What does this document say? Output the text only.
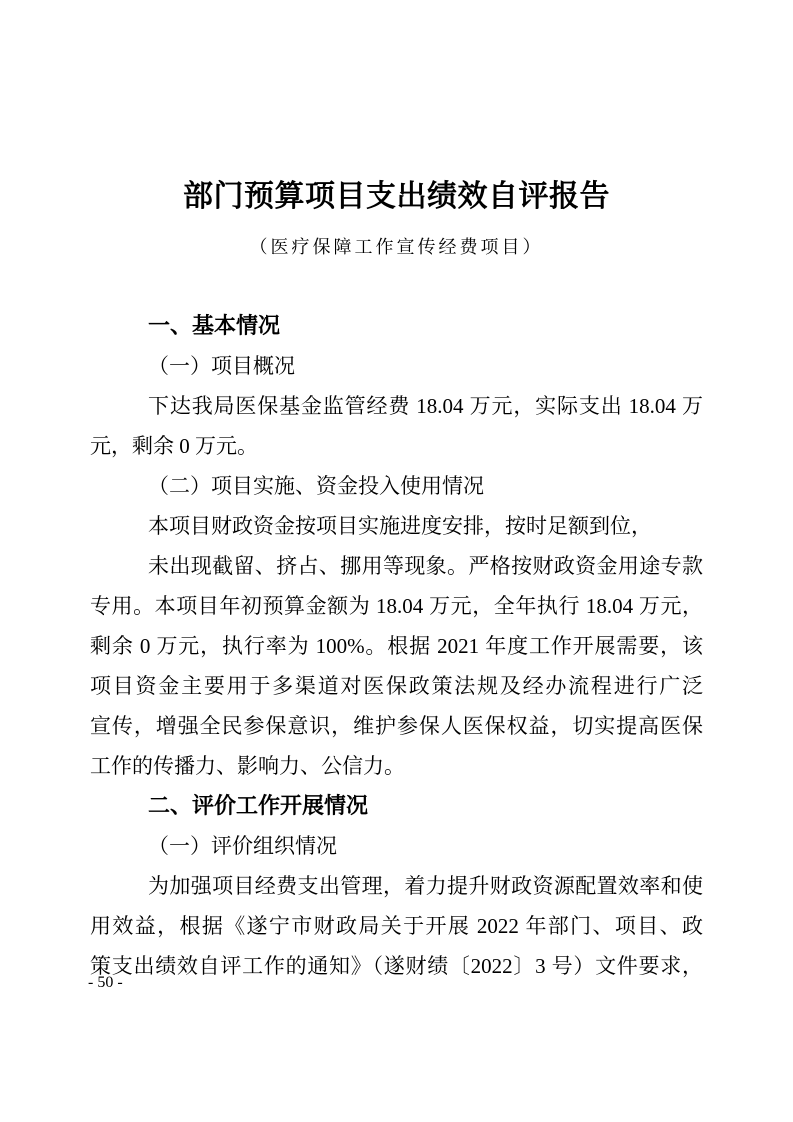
部门预算项目支出绩效自评报告
（医疗保障工作宣传经费项目）
一、基本情况
（一）项目概况
下达我局医保基金监管经费 18.04 万元，实际支出 18.04 万
元，剩余 0 万元。
（二）项目实施、资金投入使用情况
本项目财政资金按项目实施进度安排，按时足额到位，
未出现截留、挤占、挪用等现象。严格按财政资金用途专款
专用。本项目年初预算金额为 18.04 万元，全年执行 18.04 万元，
剩余 0 万元，执行率为 100%。根据 2021 年度工作开展需要，该
项目资金主要用于多渠道对医保政策法规及经办流程进行广泛
宣传，增强全民参保意识，维护参保人医保权益，切实提高医保
工作的传播力、影响力、公信力。
二、评价工作开展情况
（一）评价组织情况
为加强项目经费支出管理，着力提升财政资源配置效率和使
用效益，根据《遂宁市财政局关于开展 2022 年部门、项目、政
策支出绩效自评工作的通知》（遂财绩〔2022〕3 号）文件要求，
- 50 -
